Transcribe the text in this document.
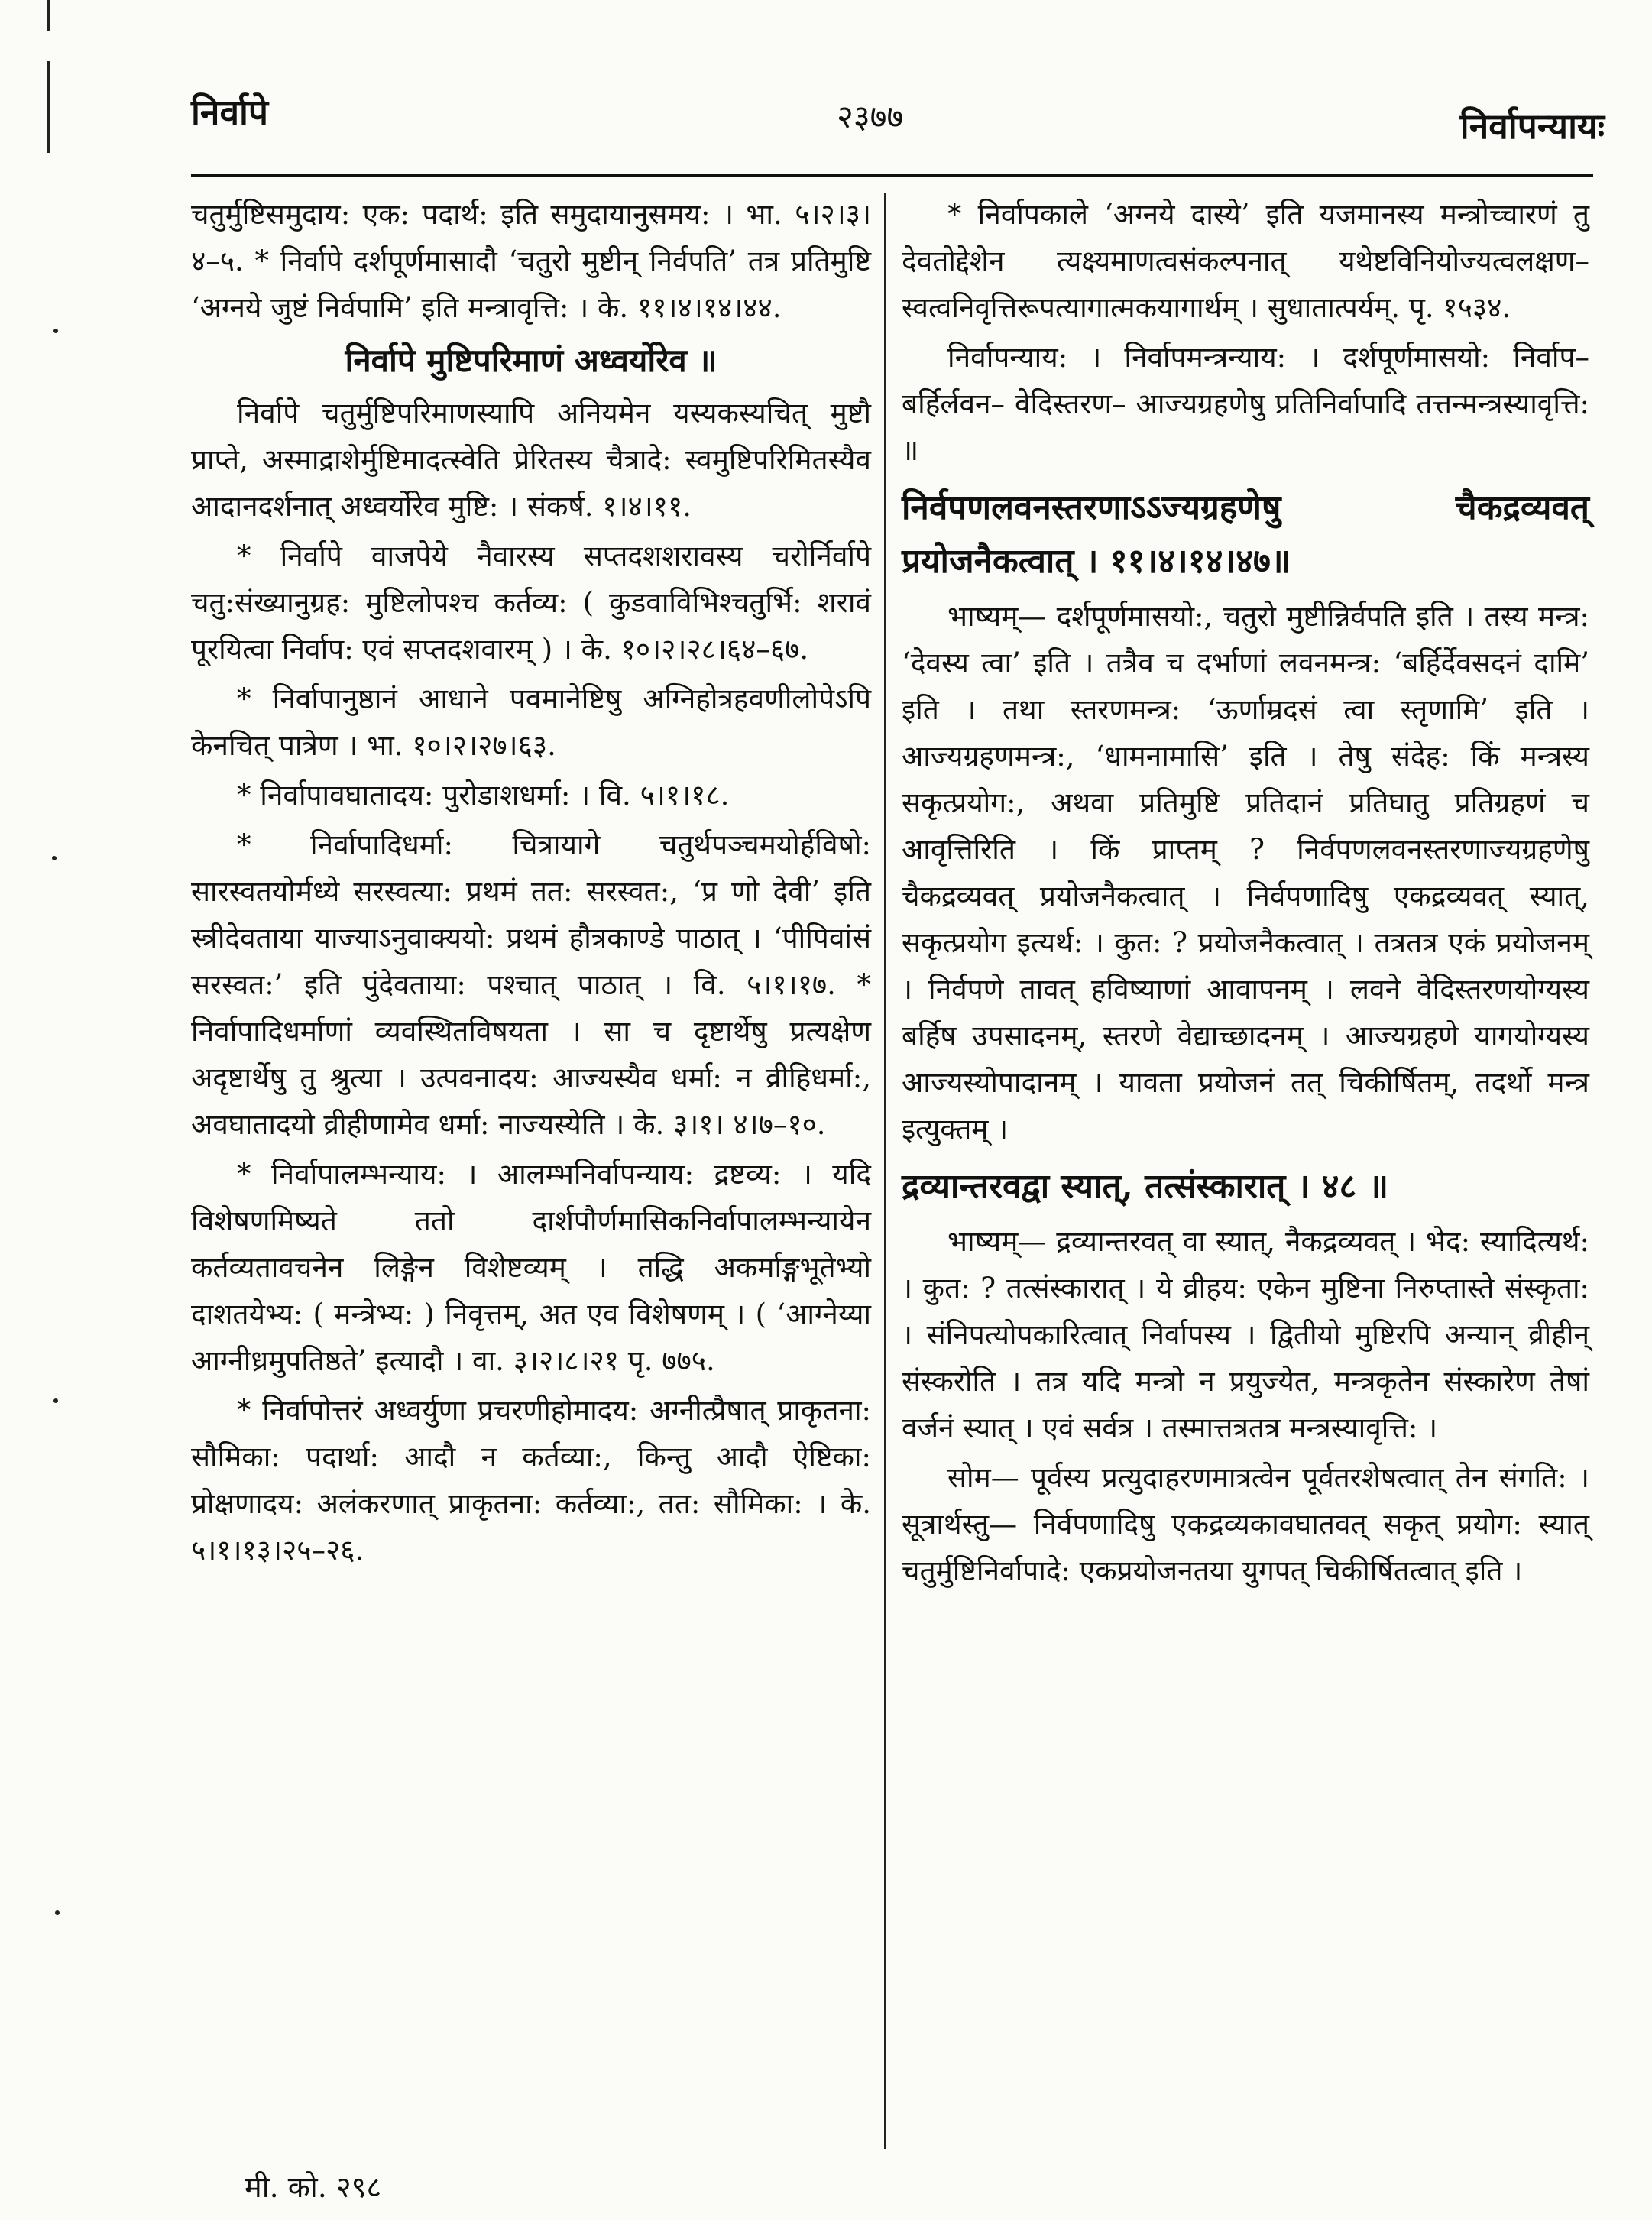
निर्वापे	२३७७	निर्वापन्यायः

चतुर्मुष्टिसमुदाय: एक: पदार्थ: इति समुदायानुसमय: । भा. ५।२।३।४–५. * निर्वापे दर्शपूर्णमासादौ ‘चतुरो मुष्टीन् निर्वपति’ तत्र प्रतिमुष्टि ‘अग्नये जुष्टं निर्वपामि’ इति मन्त्रावृत्ति: । के. ११।४।१४।४४.

निर्वापे मुष्टिपरिमाणं अध्वर्योरेव ॥

निर्वापे चतुर्मुष्टिपरिमाणस्यापि अनियमेन यस्यकस्यचित् मुष्टौ प्राप्ते, अस्माद्राशेर्मुष्टिमादत्स्वेति प्रेरितस्य चैत्रादे: स्वमुष्टिपरिमितस्यैव आदानदर्शनात् अध्वर्योरेव मुष्टि: । संकर्ष. १।४।११.

* निर्वापे वाजपेये नैवारस्य सप्तदशशरावस्य चरोर्निर्वापे चतु:संख्यानुग्रह: मुष्टिलोपश्च कर्तव्य: ( कुडवाविभिश्चतुर्भि: शरावं पूरयित्वा निर्वाप: एवं सप्तदशवारम् ) । के. १०।२।२८।६४–६७.

* निर्वापानुष्ठानं आधाने पवमानेष्टिषु अग्निहोत्रहवणीलोपेऽपि केनचित् पात्रेण । भा. १०।२।२७।६३.

* निर्वापावघातादय: पुरोडाशधर्मा: । वि. ५।१।१८.

* निर्वापादिधर्मा: चित्रायागे चतुर्थपञ्चमयोर्हविषो: सारस्वतयोर्मध्ये सरस्वत्या: प्रथमं तत: सरस्वत:, ‘प्र णो देवी’ इति स्त्रीदेवताया याज्याऽनुवाक्ययो: प्रथमं हौत्रकाण्डे पाठात् । ‘पीपिवांसं सरस्वत:’ इति पुंदेवताया: पश्चात् पाठात् । वि. ५।१।१७. * निर्वापादिधर्माणां व्यवस्थितविषयता । सा च दृष्टार्थेषु प्रत्यक्षेण अदृष्टार्थेषु तु श्रुत्या । उत्पवनादय: आज्यस्यैव धर्मा: न व्रीहिधर्मा:, अवघातादयो व्रीहीणामेव धर्मा: नाज्यस्येति । के. ३।१। ४।७–१०.

* निर्वापालम्भन्याय: । आलम्भनिर्वापन्याय: द्रष्टव्य: । यदि विशेषणमिष्यते ततो दार्शपौर्णमासिकनिर्वापालम्भन्यायेन कर्तव्यतावचनेन लिङ्गेन विशेष्टव्यम् । तद्धि अकर्माङ्गभूतेभ्यो दाशतयेभ्य: ( मन्त्रेभ्य: ) निवृत्तम्, अत एव विशेषणम् । ( ‘आग्नेय्या आग्नीध्रमुपतिष्ठते’ इत्यादौ । वा. ३।२।८।२१ पृ. ७७५.

* निर्वापोत्तरं अध्वर्युणा प्रचरणीहोमादय: अग्नीत्प्रैषात् प्राकृतना: सौमिका: पदार्था: आदौ न कर्तव्या:, किन्तु आदौ ऐष्टिका: प्रोक्षणादय: अलंकरणात् प्राकृतना: कर्तव्या:, तत: सौमिका: । के. ५।१।१३।२५–२६.

* निर्वापकाले ‘अग्नये दास्ये’ इति यजमानस्य मन्त्रोच्चारणं तु देवतोद्देशेन त्यक्ष्यमाणत्वसंकल्पनात् यथेष्टविनियोज्यत्वलक्षण–स्वत्वनिवृत्तिरूपत्यागात्मकयागार्थम् । सुधातात्पर्यम्. पृ. १५३४.

निर्वापन्याय: । निर्वापमन्त्रन्याय: । दर्शपूर्णमासयो: निर्वाप– बर्हिर्लवन– वेदिस्तरण– आज्यग्रहणेषु प्रतिनिर्वापादि तत्तन्मन्त्रस्यावृत्ति: ॥

निर्वपणलवनस्तरणाऽऽज्यग्रहणेषु चैकद्रव्यवत् प्रयोजनैकत्वात् । ११।४।१४।४७॥

भाष्यम्— दर्शपूर्णमासयो:, चतुरो मुष्टीन्निर्वपति इति । तस्य मन्त्र: ‘देवस्य त्वा’ इति । तत्रैव च दर्भाणां लवनमन्त्र: ‘बर्हिर्देवसदनं दामि’ इति । तथा स्तरणमन्त्र: ‘ऊर्णाम्रदसं त्वा स्तृणामि’ इति । आज्यग्रहणमन्त्र:, ‘धामनामासि’ इति । तेषु संदेह: किं मन्त्रस्य सकृत्प्रयोग:, अथवा प्रतिमुष्टि प्रतिदानं प्रतिघातु प्रतिग्रहणं च आवृत्तिरिति । किं प्राप्तम् ? निर्वपणलवनस्तरणाज्यग्रहणेषु चैकद्रव्यवत् प्रयोजनैकत्वात् । निर्वपणादिषु एकद्रव्यवत् स्यात्, सकृत्प्रयोग इत्यर्थ: । कुत: ? प्रयोजनैकत्वात् । तत्रतत्र एकं प्रयोजनम् । निर्वपणे तावत् हविष्याणां आवापनम् । लवने वेदिस्तरणयोग्यस्य बर्हिष उपसादनम्, स्तरणे वेद्याच्छादनम् । आज्यग्रहणे यागयोग्यस्य आज्यस्योपादानम् । यावता प्रयोजनं तत् चिकीर्षितम्, तदर्थो मन्त्र इत्युक्तम् ।

द्रव्यान्तरवद्वा स्यात्, तत्संस्कारात् । ४८ ॥

भाष्यम्— द्रव्यान्तरवत् वा स्यात्, नैकद्रव्यवत् । भेद: स्यादित्यर्थ: । कुत: ? तत्संस्कारात् । ये व्रीहय: एकेन मुष्टिना निरुप्तास्ते संस्कृता: । संनिपत्योपकारित्वात् निर्वापस्य । द्वितीयो मुष्टिरपि अन्यान् व्रीहीन् संस्करोति । तत्र यदि मन्त्रो न प्रयुज्येत, मन्त्रकृतेन संस्कारेण तेषां वर्जनं स्यात् । एवं सर्वत्र । तस्मात्तत्रतत्र मन्त्रस्यावृत्ति: ।

सोम— पूर्वस्य प्रत्युदाहरणमात्रत्वेन पूर्वतरशेषत्वात् तेन संगति: । सूत्रार्थस्तु— निर्वपणादिषु एकद्रव्यकावघातवत् सकृत् प्रयोग: स्यात् चतुर्मुष्टिनिर्वापादे: एकप्रयोजनतया युगपत् चिकीर्षितत्वात् इति ।

मी. को. २९८
